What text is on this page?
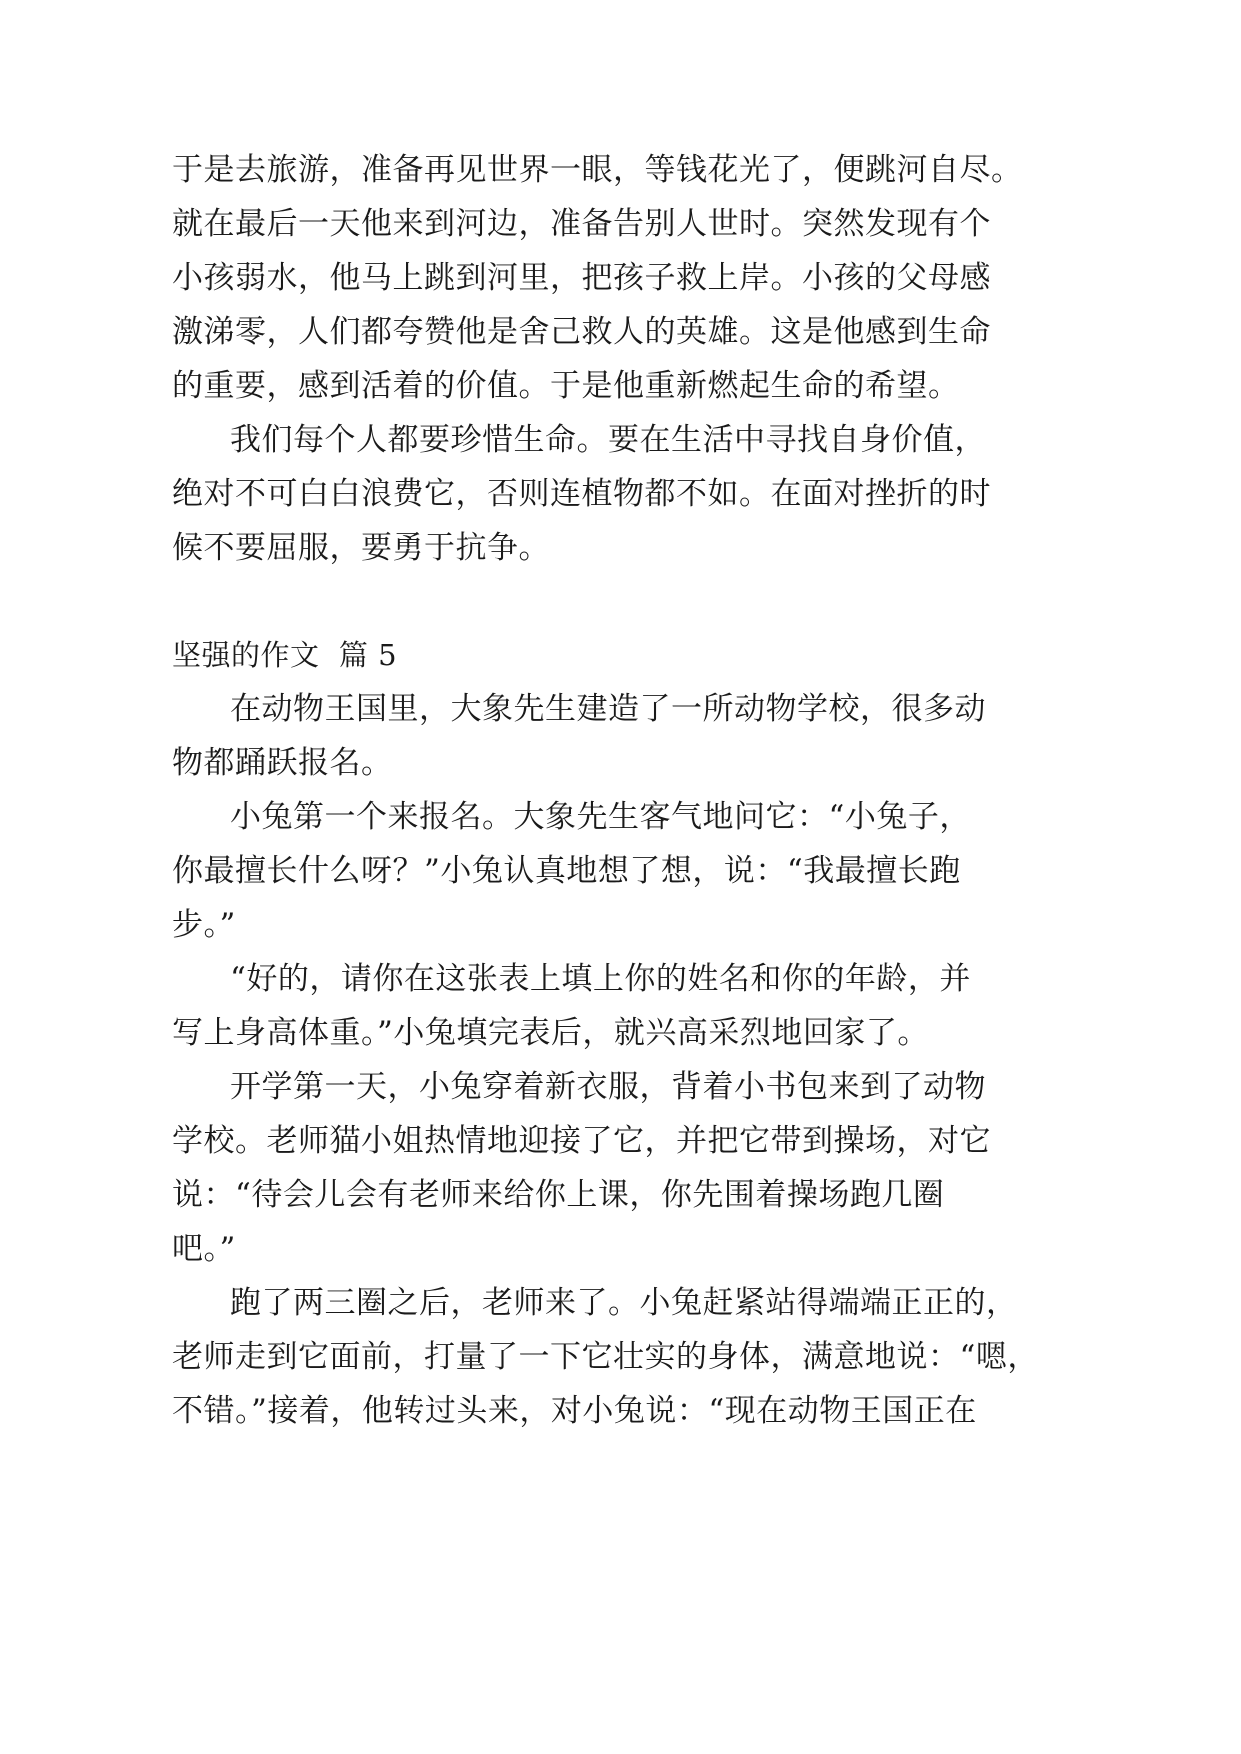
于是去旅游，准备再见世界一眼，等钱花光了，便跳河自尽。
就在最后一天他来到河边，准备告别人世时。突然发现有个
小孩弱水，他马上跳到河里，把孩子救上岸。小孩的父母感
激涕零，人们都夸赞他是舍己救人的英雄。这是他感到生命
的重要，感到活着的价值。于是他重新燃起生命的希望。
我们每个人都要珍惜生命。要在生活中寻找自身价值，
绝对不可白白浪费它，否则连植物都不如。在面对挫折的时
候不要屈服，要勇于抗争。
坚强的作文  篇 5
在动物王国里，大象先生建造了一所动物学校，很多动
物都踊跃报名。
小兔第一个来报名。大象先生客气地问它：“小兔子，
你最擅长什么呀？”小兔认真地想了想，说：“我最擅长跑
步。”
“好的，请你在这张表上填上你的姓名和你的年龄，并
写上身高体重。”小兔填完表后，就兴高采烈地回家了。
开学第一天，小兔穿着新衣服，背着小书包来到了动物
学校。老师猫小姐热情地迎接了它，并把它带到操场，对它
说：“待会儿会有老师来给你上课，你先围着操场跑几圈
吧。”
跑了两三圈之后，老师来了。小兔赶紧站得端端正正的，
老师走到它面前，打量了一下它壮实的身体，满意地说：“嗯，
不错。”接着，他转过头来，对小兔说：“现在动物王国正在
